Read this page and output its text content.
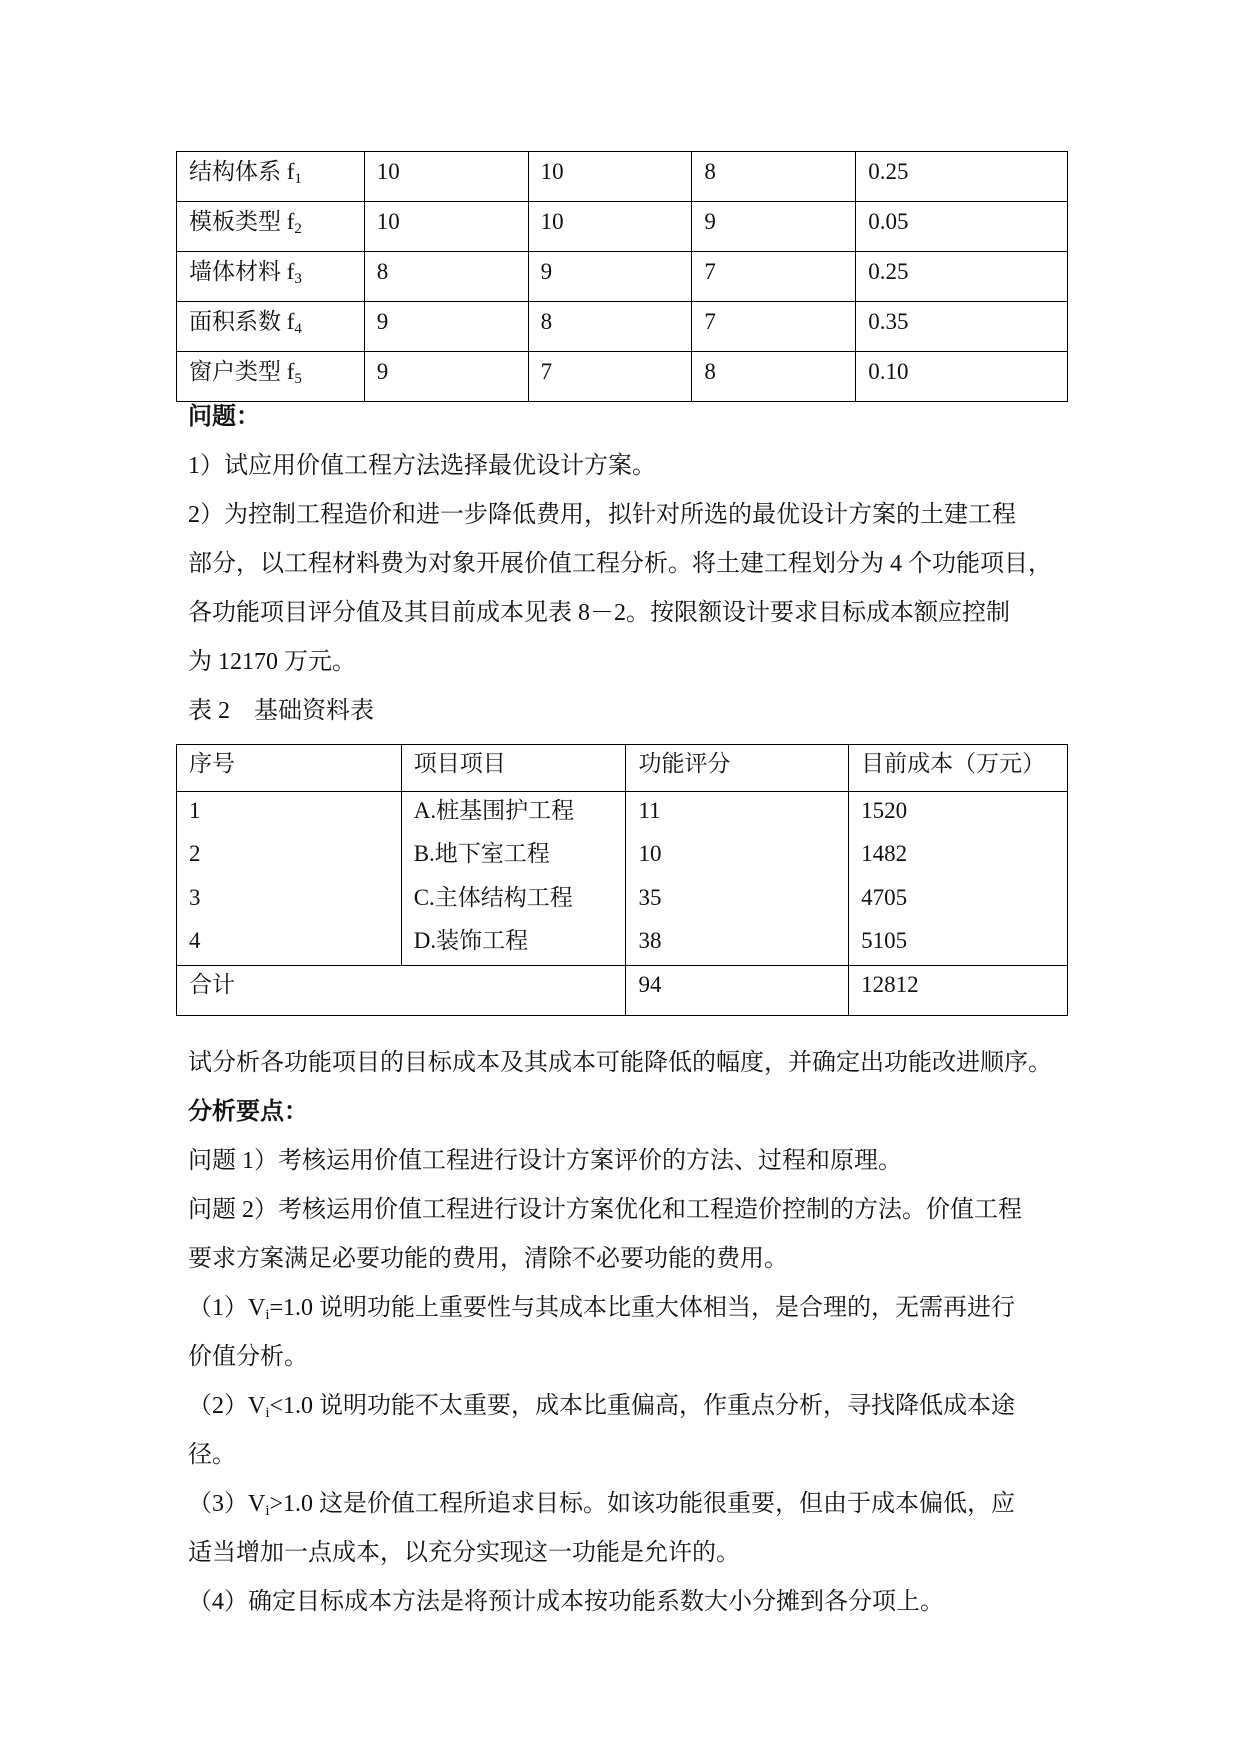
结构体系 $f_1$	10	10	8	0.25
模板类型 $f_2$	10	10	9	0.05
墙体材料 $f_3$	8	9	7	0.25
面积系数 $f_4$	9	8	7	0.35
窗户类型 $f_5$	9	7	8	0.10

问题：

1）试应用价值工程方法选择最优设计方案。

2）为控制工程造价和进一步降低费用，拟针对所选的最优设计方案的土建工程
部分，以工程材料费为对象开展价值工程分析。将土建工程划分为 4 个功能项目，
各功能项目评分值及其目前成本见表 8－2。按限额设计要求目标成本额应控制
为 12170 万元。

表 2　基础资料表

序号	项目项目	功能评分	目前成本（万元）
1	A.桩基围护工程	11	1520
2	B.地下室工程	10	1482
3	C.主体结构工程	35	4705
4	D.装饰工程	38	5105
合计		94	12812

试分析各功能项目的目标成本及其成本可能降低的幅度，并确定出功能改进顺序。

分析要点：

问题 1）考核运用价值工程进行设计方案评价的方法、过程和原理。

问题 2）考核运用价值工程进行设计方案优化和工程造价控制的方法。价值工程
要求方案满足必要功能的费用，清除不必要功能的费用。
$(1)V_i=1.0$ 说明功能上重要性与其成本比重大体相当，是合理的，无需再进行
价值分析。
$(2)V_i<1.0$ 说明功能不太重要，成本比重偏高，作重点分析，寻找降低成本途
径。
$(3)V_i>1.0$ 这是价值工程所追求目标。如该功能很重要，但由于成本偏低，应
适当增加一点成本，以充分实现这一功能是允许的。

（4）确定目标成本方法是将预计成本按功能系数大小分摊到各分项上。
